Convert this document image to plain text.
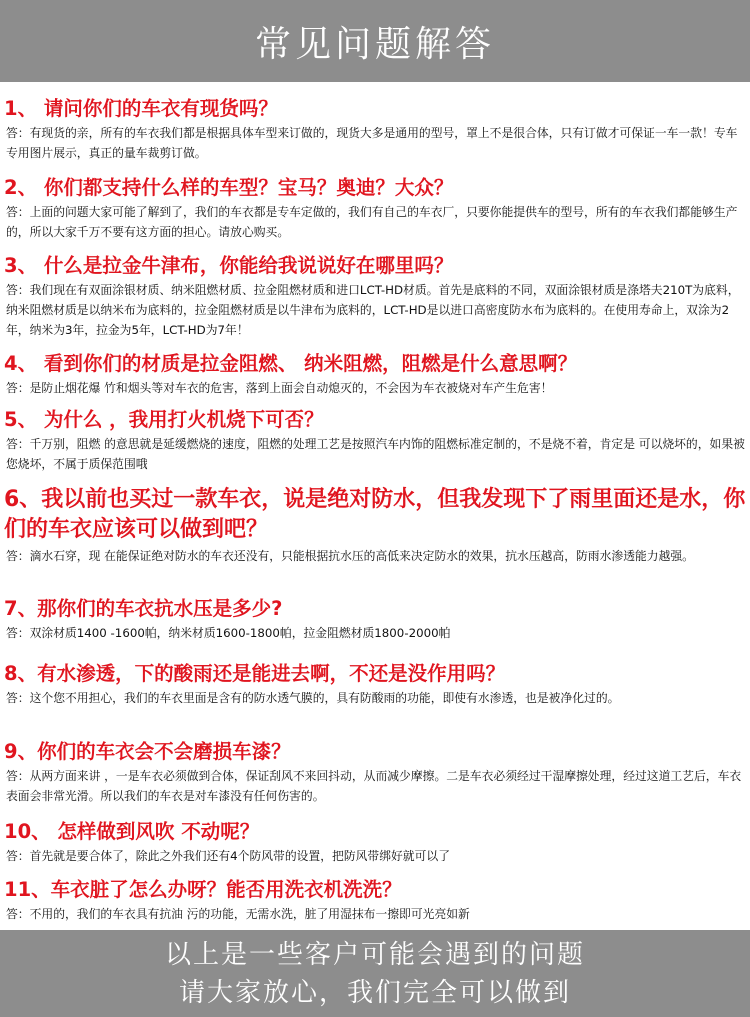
常见问题解答
1、 请问你们的车衣有现货吗？
答：有现货的亲，所有的车衣我们都是根据具体车型来订做的，现货大多是通用的型号，罩上不是很合体，只有订做才可保证一车一款！专车专用图片展示，真正的量车裁剪订做。
2、 你们都支持什么样的车型？宝马？奥迪？大众？
答：上面的问题大家可能了解到了，我们的车衣都是专车定做的，我们有自己的车衣厂，只要你能提供车的型号，所有的车衣我们都能够生产的，所以大家千万不要有这方面的担心。请放心购买。
3、 什么是拉金牛津布，你能给我说说好在哪里吗？
答：我们现在有双面涂银材质、纳米阻燃材质、拉金阻燃材质和进口LCT-HD材质。首先是底料的不同，双面涂银材质是涤塔夫210T为底料，纳米阻燃材质是以纳米布为底料的，拉金阻燃材质是以牛津布为底料的，LCT-HD是以进口高密度防水布为底料的。在使用寿命上，双涂为2年，纳米为3年，拉金为5年，LCT-HD为7年！
4、 看到你们的材质是拉金阻燃、 纳米阻燃，阻燃是什么意思啊？
答：是防止烟花爆 竹和烟头等对车衣的危害，落到上面会自动熄灭的，不会因为车衣被烧对车产生危害！
5、 为什么 ，我用打火机烧下可否？
答：千万别，阻燃 的意思就是延缓燃烧的速度，阻燃的处理工艺是按照汽车内饰的阻燃标准定制的，不是烧不着，肯定是 可以烧坏的，如果被您烧坏，不属于质保范围哦
6、我以前也买过一款车衣，说是绝对防水，但我发现下了雨里面还是水，你们的车衣应该可以做到吧？
答：滴水石穿，现 在能保证绝对防水的车衣还没有，只能根据抗水压的高低来决定防水的效果，抗水压越高，防雨水渗透能力越强。
7、那你们的车衣抗水压是多少?
答：双涂材质1400 -1600帕，纳米材质1600-1800帕，拉金阻燃材质1800-2000帕
8、有水渗透，下的酸雨还是能进去啊，不还是没作用吗？
答：这个您不用担心，我们的车衣里面是含有的防水透气膜的，具有防酸雨的功能，即使有水渗透，也是被净化过的。
9、你们的车衣会不会磨损车漆？
答：从两方面来讲 ，一是车衣必须做到合体，保证刮风不来回抖动，从而减少摩擦。二是车衣必须经过干湿摩擦处理，经过这道工艺后，车衣表面会非常光滑。所以我们的车衣是对车漆没有任何伤害的。
10、 怎样做到风吹 不动呢？
答：首先就是要合体了，除此之外我们还有4个防风带的设置，把防风带绑好就可以了
11、车衣脏了怎么办呀？能否用洗衣机洗洗？
答：不用的，我们的车衣具有抗油 污的功能，无需水洗，脏了用湿抹布一擦即可光亮如新
以上是一些客户可能会遇到的问题
请大家放心，我们完全可以做到
